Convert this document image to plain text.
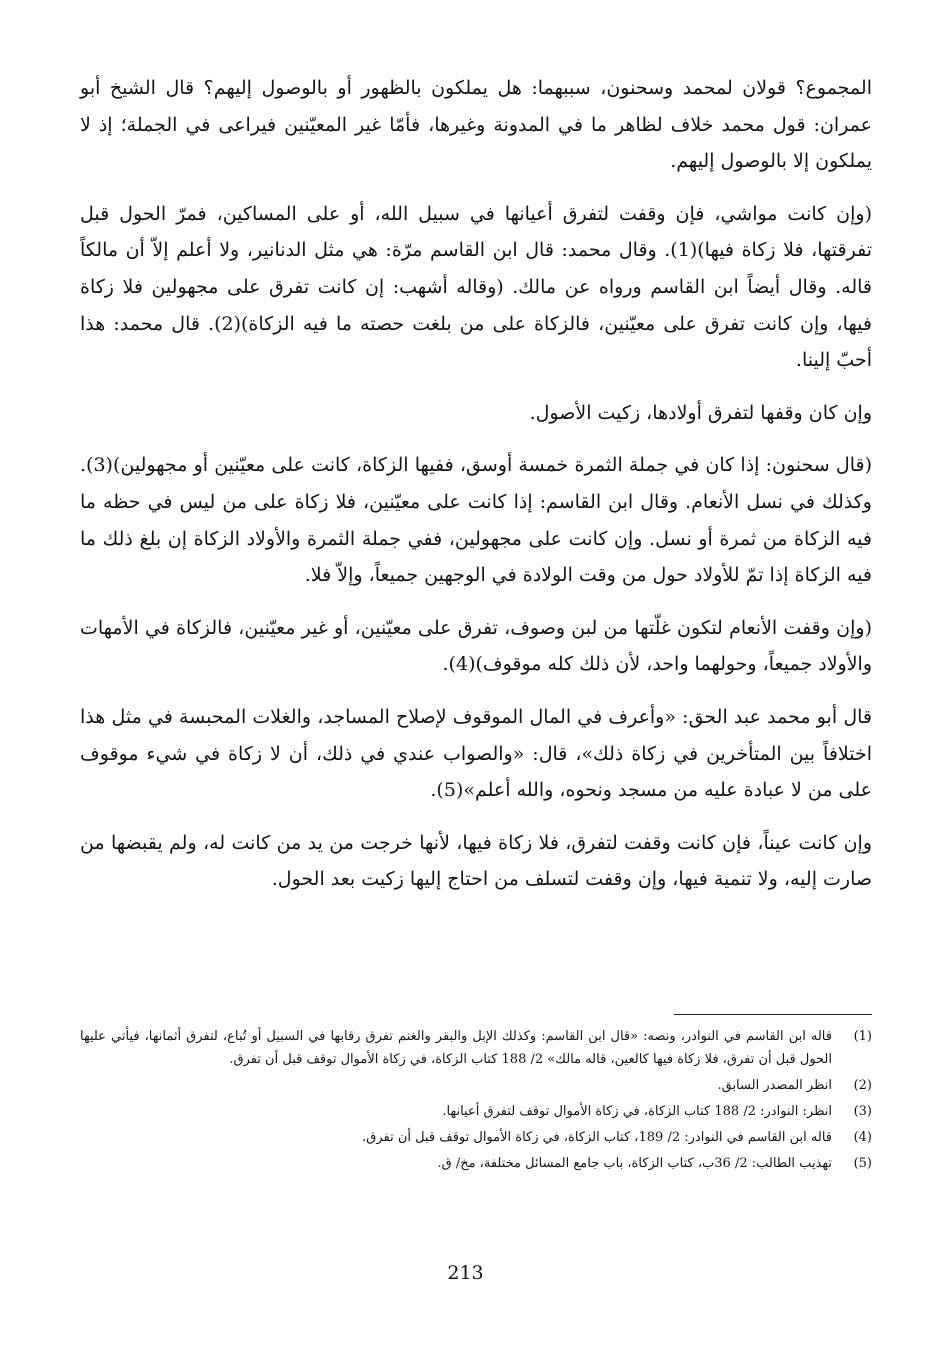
المجموع؟ قولان لمحمد وسحنون، سببهما: هل يملكون بالظهور أو بالوصول إليهم؟ قال الشيخ أبو عمران: قول محمد خلاف لظاهر ما في المدونة وغيرها، فأمّا غير المعيّنين فيراعى في الجملة؛ إذ لا يملكون إلا بالوصول إليهم.

(وإن كانت مواشي، فإن وقفت لتفرق أعيانها في سبيل الله، أو على المساكين، فمرّ الحول قبل تفرقتها، فلا زكاة فيها)(1). وقال محمد: قال ابن القاسم مرّة: هي مثل الدنانير، ولا أعلم إلاّ أن مالكاً قاله. وقال أيضاً ابن القاسم ورواه عن مالك. (وقاله أشهب: إن كانت تفرق على مجهولين فلا زكاة فيها، وإن كانت تفرق على معيّنين، فالزكاة على من بلغت حصته ما فيه الزكاة)(2). قال محمد: هذا أحبّ إلينا.

وإن كان وقفها لتفرق أولادها، زكيت الأصول.

(قال سحنون: إذا كان في جملة الثمرة خمسة أوسق، ففيها الزكاة، كانت على معيّنين أو مجهولين)(3). وكذلك في نسل الأنعام. وقال ابن القاسم: إذا كانت على معيّنين، فلا زكاة على من ليس في حظه ما فيه الزكاة من ثمرة أو نسل. وإن كانت على مجهولين، ففي جملة الثمرة والأولاد الزكاة إن بلغ ذلك ما فيه الزكاة إذا تمّ للأولاد حول من وقت الولادة في الوجهين جميعاً، وإلاّ فلا.

(وإن وقفت الأنعام لتكون غلّتها من لبن وصوف، تفرق على معيّنين، أو غير معيّنين، فالزكاة في الأمهات والأولاد جميعاً، وحولهما واحد، لأن ذلك كله موقوف)(4).

قال أبو محمد عبد الحق: «وأعرف في المال الموقوف لإصلاح المساجد، والغلات المحبسة في مثل هذا اختلافاً بين المتأخرين في زكاة ذلك»، قال: «والصواب عندي في ذلك، أن لا زكاة في شيء موقوف على من لا عبادة عليه من مسجد ونحوه، والله أعلم»(5).

وإن كانت عيناً، فإن كانت وقفت لتفرق، فلا زكاة فيها، لأنها خرجت من يد من كانت له، ولم يقبضها من صارت إليه، ولا تنمية فيها، وإن وقفت لتسلف من احتاج إليها زكيت بعد الحول.

(1)
قاله ابن القاسم في النوادر، ونصه: «قال ابن القاسم: وكذلك الإبل والبقر والغنم تفرق رقابها في السبيل أو تُباع، لتفرق أثمانها، فيأتي عليها الحول قبل أن تفرق، فلا زكاة فيها كالعين، قاله مالك» 2/ 188 كتاب الزكاة، في زكاة الأموال توقف قبل أن تفرق.
(2)
انظر المصدر السابق.
(3)
انظر: النوادر: 2/ 188 كتاب الزكاة، في زكاة الأموال توقف لتفرق أعيانها.
(4)
قاله ابن القاسم في النوادر: 2/ 189، كتاب الزكاة، في زكاة الأموال توقف قبل أن تفرق.
(5)
تهذيب الطالب: 2/ 36ب، كتاب الزكاة، باب جامع المسائل مختلفة، مخ/ ق.
213
